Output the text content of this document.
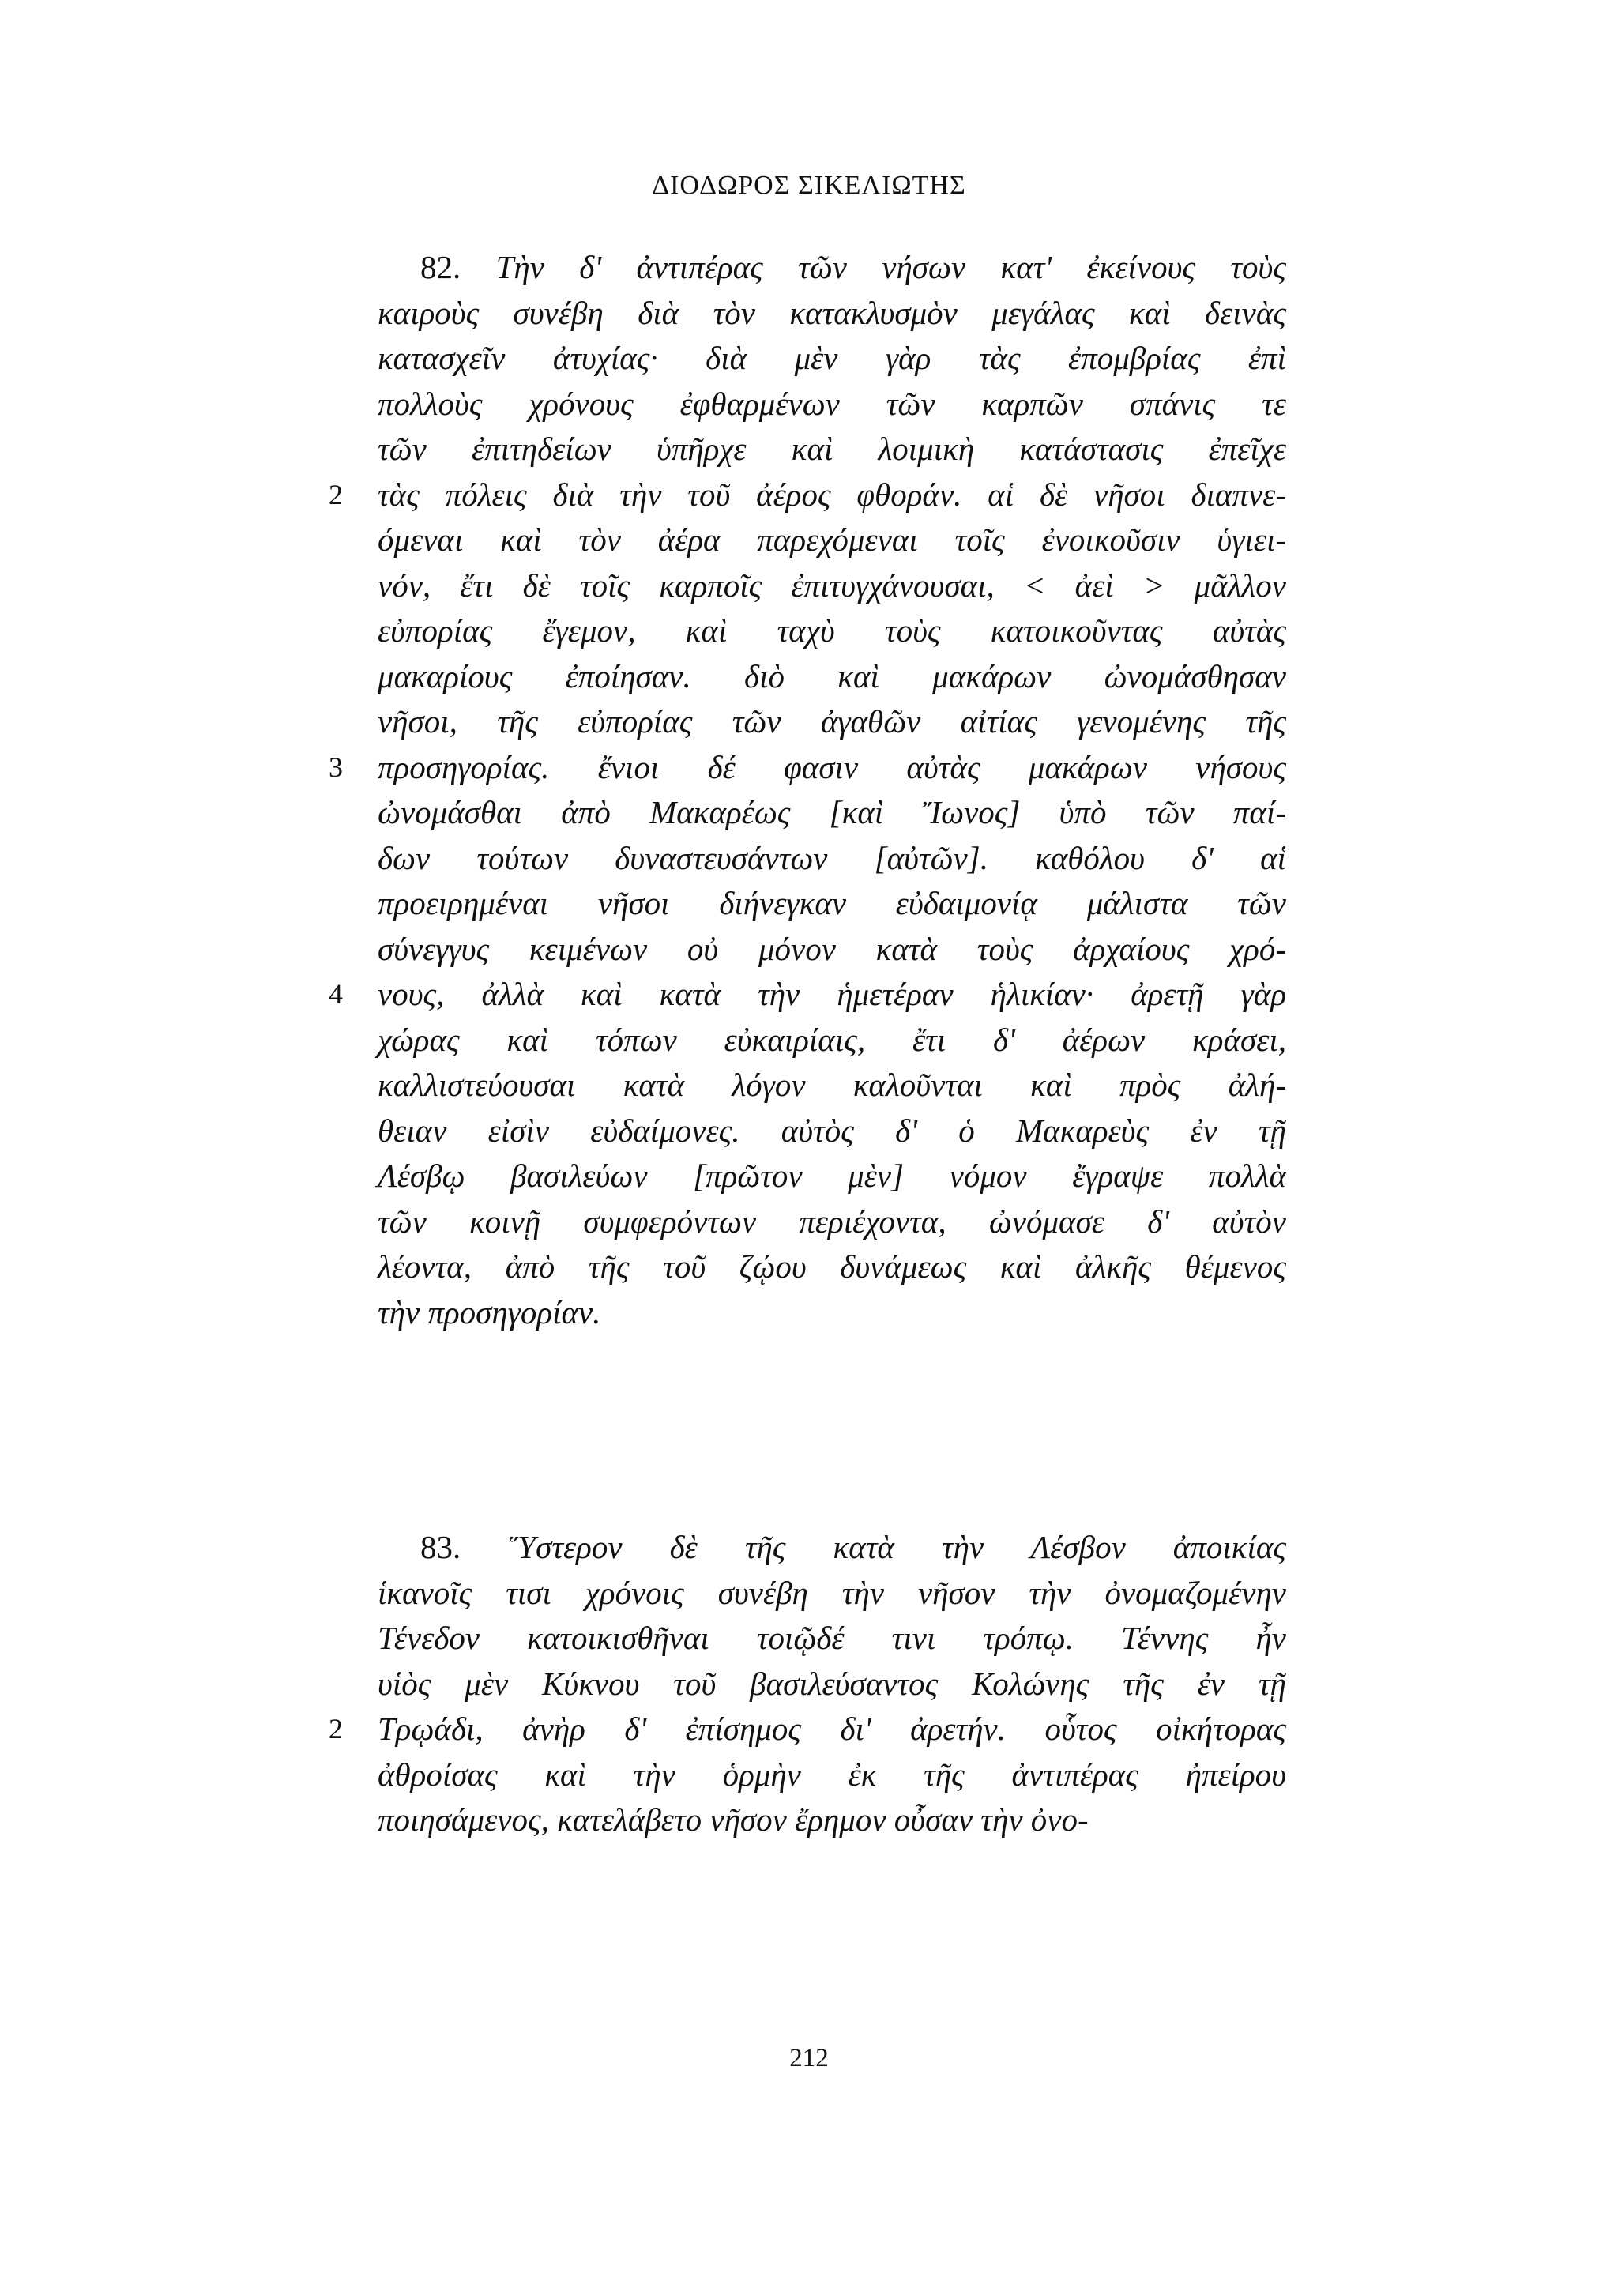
ΔΙΟΔΩΡΟΣ ΣΙΚΕΛΙΩΤΗΣ
82. Τὴν δ' ἀντιπέρας τῶν νήσων κατ' ἐκείνους τοὺς
καιροὺς συνέβη διὰ τὸν κατακλυσμὸν μεγάλας καὶ δεινὰς
κατασχεῖν ἀτυχίας· διὰ μὲν γὰρ τὰς ἐπομβρίας ἐπὶ
πολλοὺς χρόνους ἐφθαρμένων τῶν καρπῶν σπάνις τε
τῶν ἐπιτηδείων ὑπῆρχε καὶ λοιμικὴ κατάστασις ἐπεῖχε
2 τὰς πόλεις διὰ τὴν τοῦ ἀέρος φθοράν. αἱ δὲ νῆσοι διαπνε-
όμεναι καὶ τὸν ἀέρα παρεχόμεναι τοῖς ἐνοικοῦσιν ὑγιει-
νόν, ἔτι δὲ τοῖς καρποῖς ἐπιτυγχάνουσαι, < ἀεὶ > μᾶλλον
εὐπορίας ἔγεμον, καὶ ταχὺ τοὺς κατοικοῦντας αὐτὰς
μακαρίους ἐποίησαν. διὸ καὶ μακάρων ὠνομάσθησαν
νῆσοι, τῆς εὐπορίας τῶν ἀγαθῶν αἰτίας γενομένης τῆς
3 προσηγορίας. ἔνιοι δέ φασιν αὐτὰς μακάρων νήσους
ὠνομάσθαι ἀπὸ Μακαρέως [καὶ Ἴωνος] ὑπὸ τῶν παί-
δων τούτων δυναστευσάντων [αὐτῶν]. καθόλου δ' αἱ
προειρημέναι νῆσοι διήνεγκαν εὐδαιμονίᾳ μάλιστα τῶν
σύνεγγυς κειμένων οὐ μόνον κατὰ τοὺς ἀρχαίους χρό-
4 νους, ἀλλὰ καὶ κατὰ τὴν ἡμετέραν ἡλικίαν· ἀρετῇ γὰρ
χώρας καὶ τόπων εὐκαιρίαις, ἔτι δ' ἀέρων κράσει,
καλλιστεύουσαι κατὰ λόγον καλοῦνται καὶ πρὸς ἀλή-
θειαν εἰσὶν εὐδαίμονες. αὐτὸς δ' ὁ Μακαρεὺς ἐν τῇ
Λέσβῳ βασιλεύων [πρῶτον μὲν] νόμον ἔγραψε πολλὰ
τῶν κοινῇ συμφερόντων περιέχοντα, ὠνόμασε δ' αὐτὸν
λέοντα, ἀπὸ τῆς τοῦ ζῴου δυνάμεως καὶ ἀλκῆς θέμενος
τὴν προσηγορίαν.
83. Ὕστερον δὲ τῆς κατὰ τὴν Λέσβον ἀποικίας
ἱκανοῖς τισι χρόνοις συνέβη τὴν νῆσον τὴν ὀνομαζομένην
Τένεδον κατοικισθῆναι τοιῷδέ τινι τρόπῳ. Τέννης ἦν
υἱὸς μὲν Κύκνου τοῦ βασιλεύσαντος Κολώνης τῆς ἐν τῇ
2 Τρῳάδι, ἀνὴρ δ' ἐπίσημος δι' ἀρετήν. οὗτος οἰκήτορας
ἀθροίσας καὶ τὴν ὁρμὴν ἐκ τῆς ἀντιπέρας ἠπείρου
ποιησάμενος, κατελάβετο νῆσον ἔρημον οὖσαν τὴν ὀνο-
212
